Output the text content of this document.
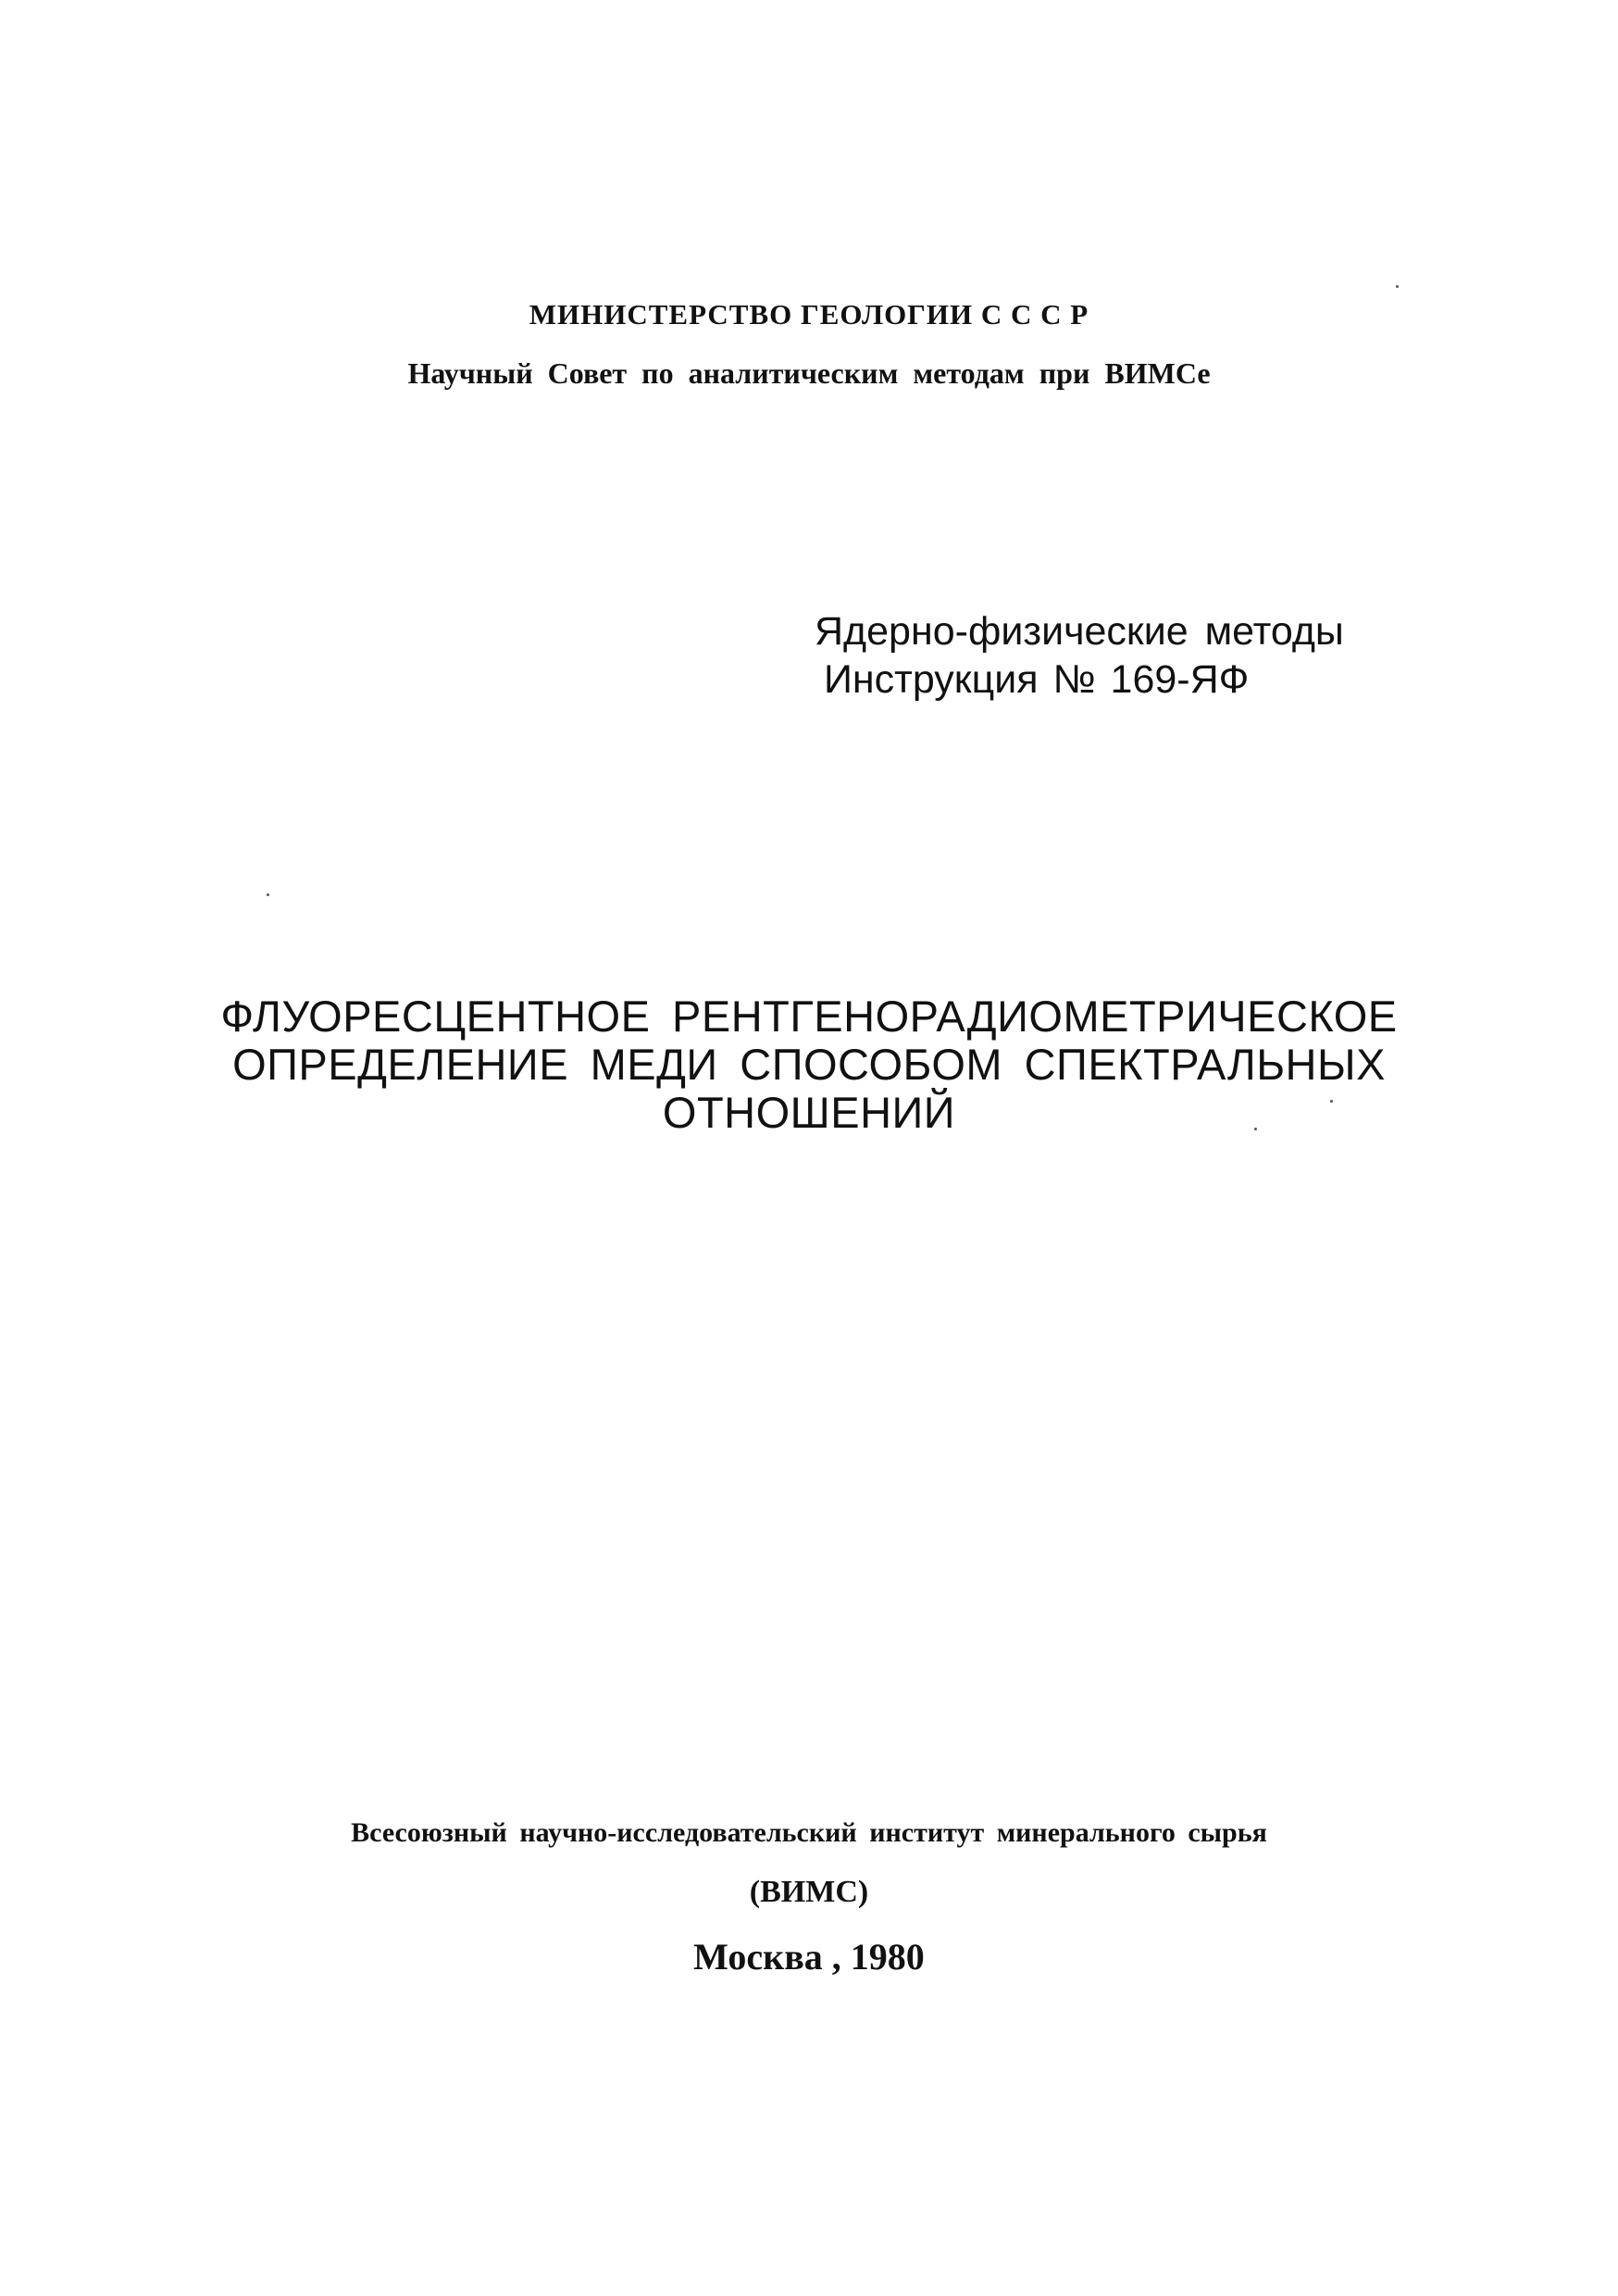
МИНИСТЕРСТВО ГЕОЛОГИИ С С С Р

Научный Совет по аналитическим методам при ВИМСе

Ядерно-физические методы

Инструкция № 169-ЯФ

ФЛУОРЕСЦЕНТНОЕ РЕНТГЕНОРАДИОМЕТРИЧЕСКОЕ

ОПРЕДЕЛЕНИЕ МЕДИ СПОСОБОМ СПЕКТРАЛЬНЫХ

ОТНОШЕНИЙ

Всесоюзный научно-исследовательский институт минерального сырья

(ВИМС)

Москва , 1980
